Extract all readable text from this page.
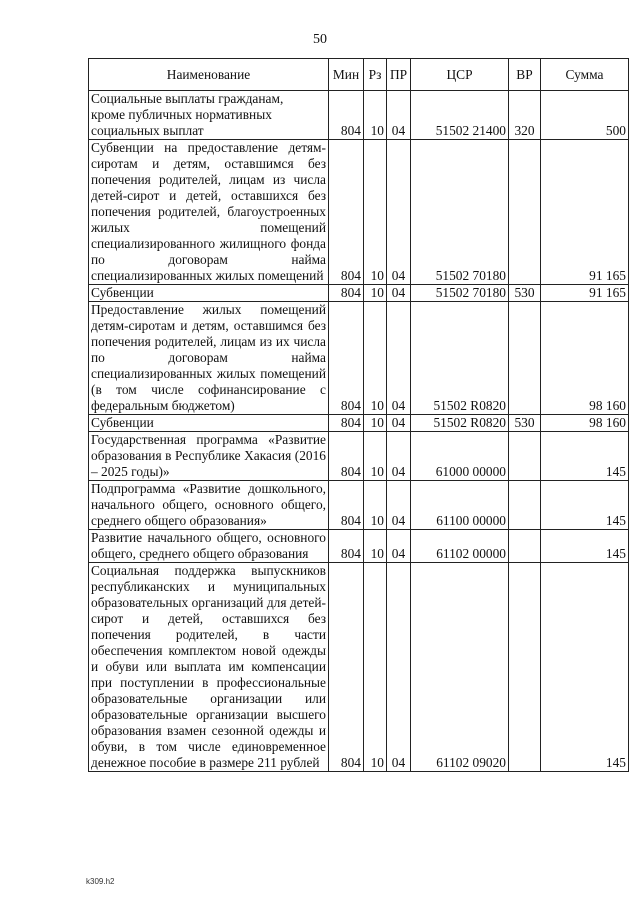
50
Наименование	Мин	Рз	ПР	ЦСР	ВР	Сумма
Социальные выплаты гражданам,
кроме публичных нормативных
социальных выплат	804	10	04	51502 21400	320	500
Субвенции на предоставление детям-сиротам и детям, оставшимся без попечения родителей, лицам из числа детей-сирот и детей, оставшихся без попечения родителей, благоустроенных жилых помещений специализированного жилищного фонда по договорам найма специализированных жилых помещений	804	10	04	51502 70180		91 165
Субвенции	804	10	04	51502 70180	530	91 165
Предоставление жилых помещений детям-сиротам и детям, оставшимся без попечения родителей, лицам из их числа по договорам найма специализированных жилых помещений (в том числе софинансирование с федеральным бюджетом)	804	10	04	51502 R0820		98 160
Субвенции	804	10	04	51502 R0820	530	98 160
Государственная программа «Развитие образования в Республике Хакасия (2016 – 2025 годы)»	804	10	04	61000 00000		145
Подпрограмма «Развитие дошкольного, начального общего, основного общего, среднего общего образования»	804	10	04	61100 00000		145
Развитие начального общего, основного общего, среднего общего образования	804	10	04	61102 00000		145
Социальная поддержка выпускников республиканских и муниципальных образовательных организаций для детей-сирот и детей, оставшихся без попечения родителей, в части обеспечения комплектом новой одежды и обуви или выплата им компенсации при поступлении в профессиональные образовательные организации или образовательные организации высшего образования взамен сезонной одежды и обуви, в том числе единовременное денежное пособие в размере 211 рублей	804	10	04	61102 09020		145
k309.h2
